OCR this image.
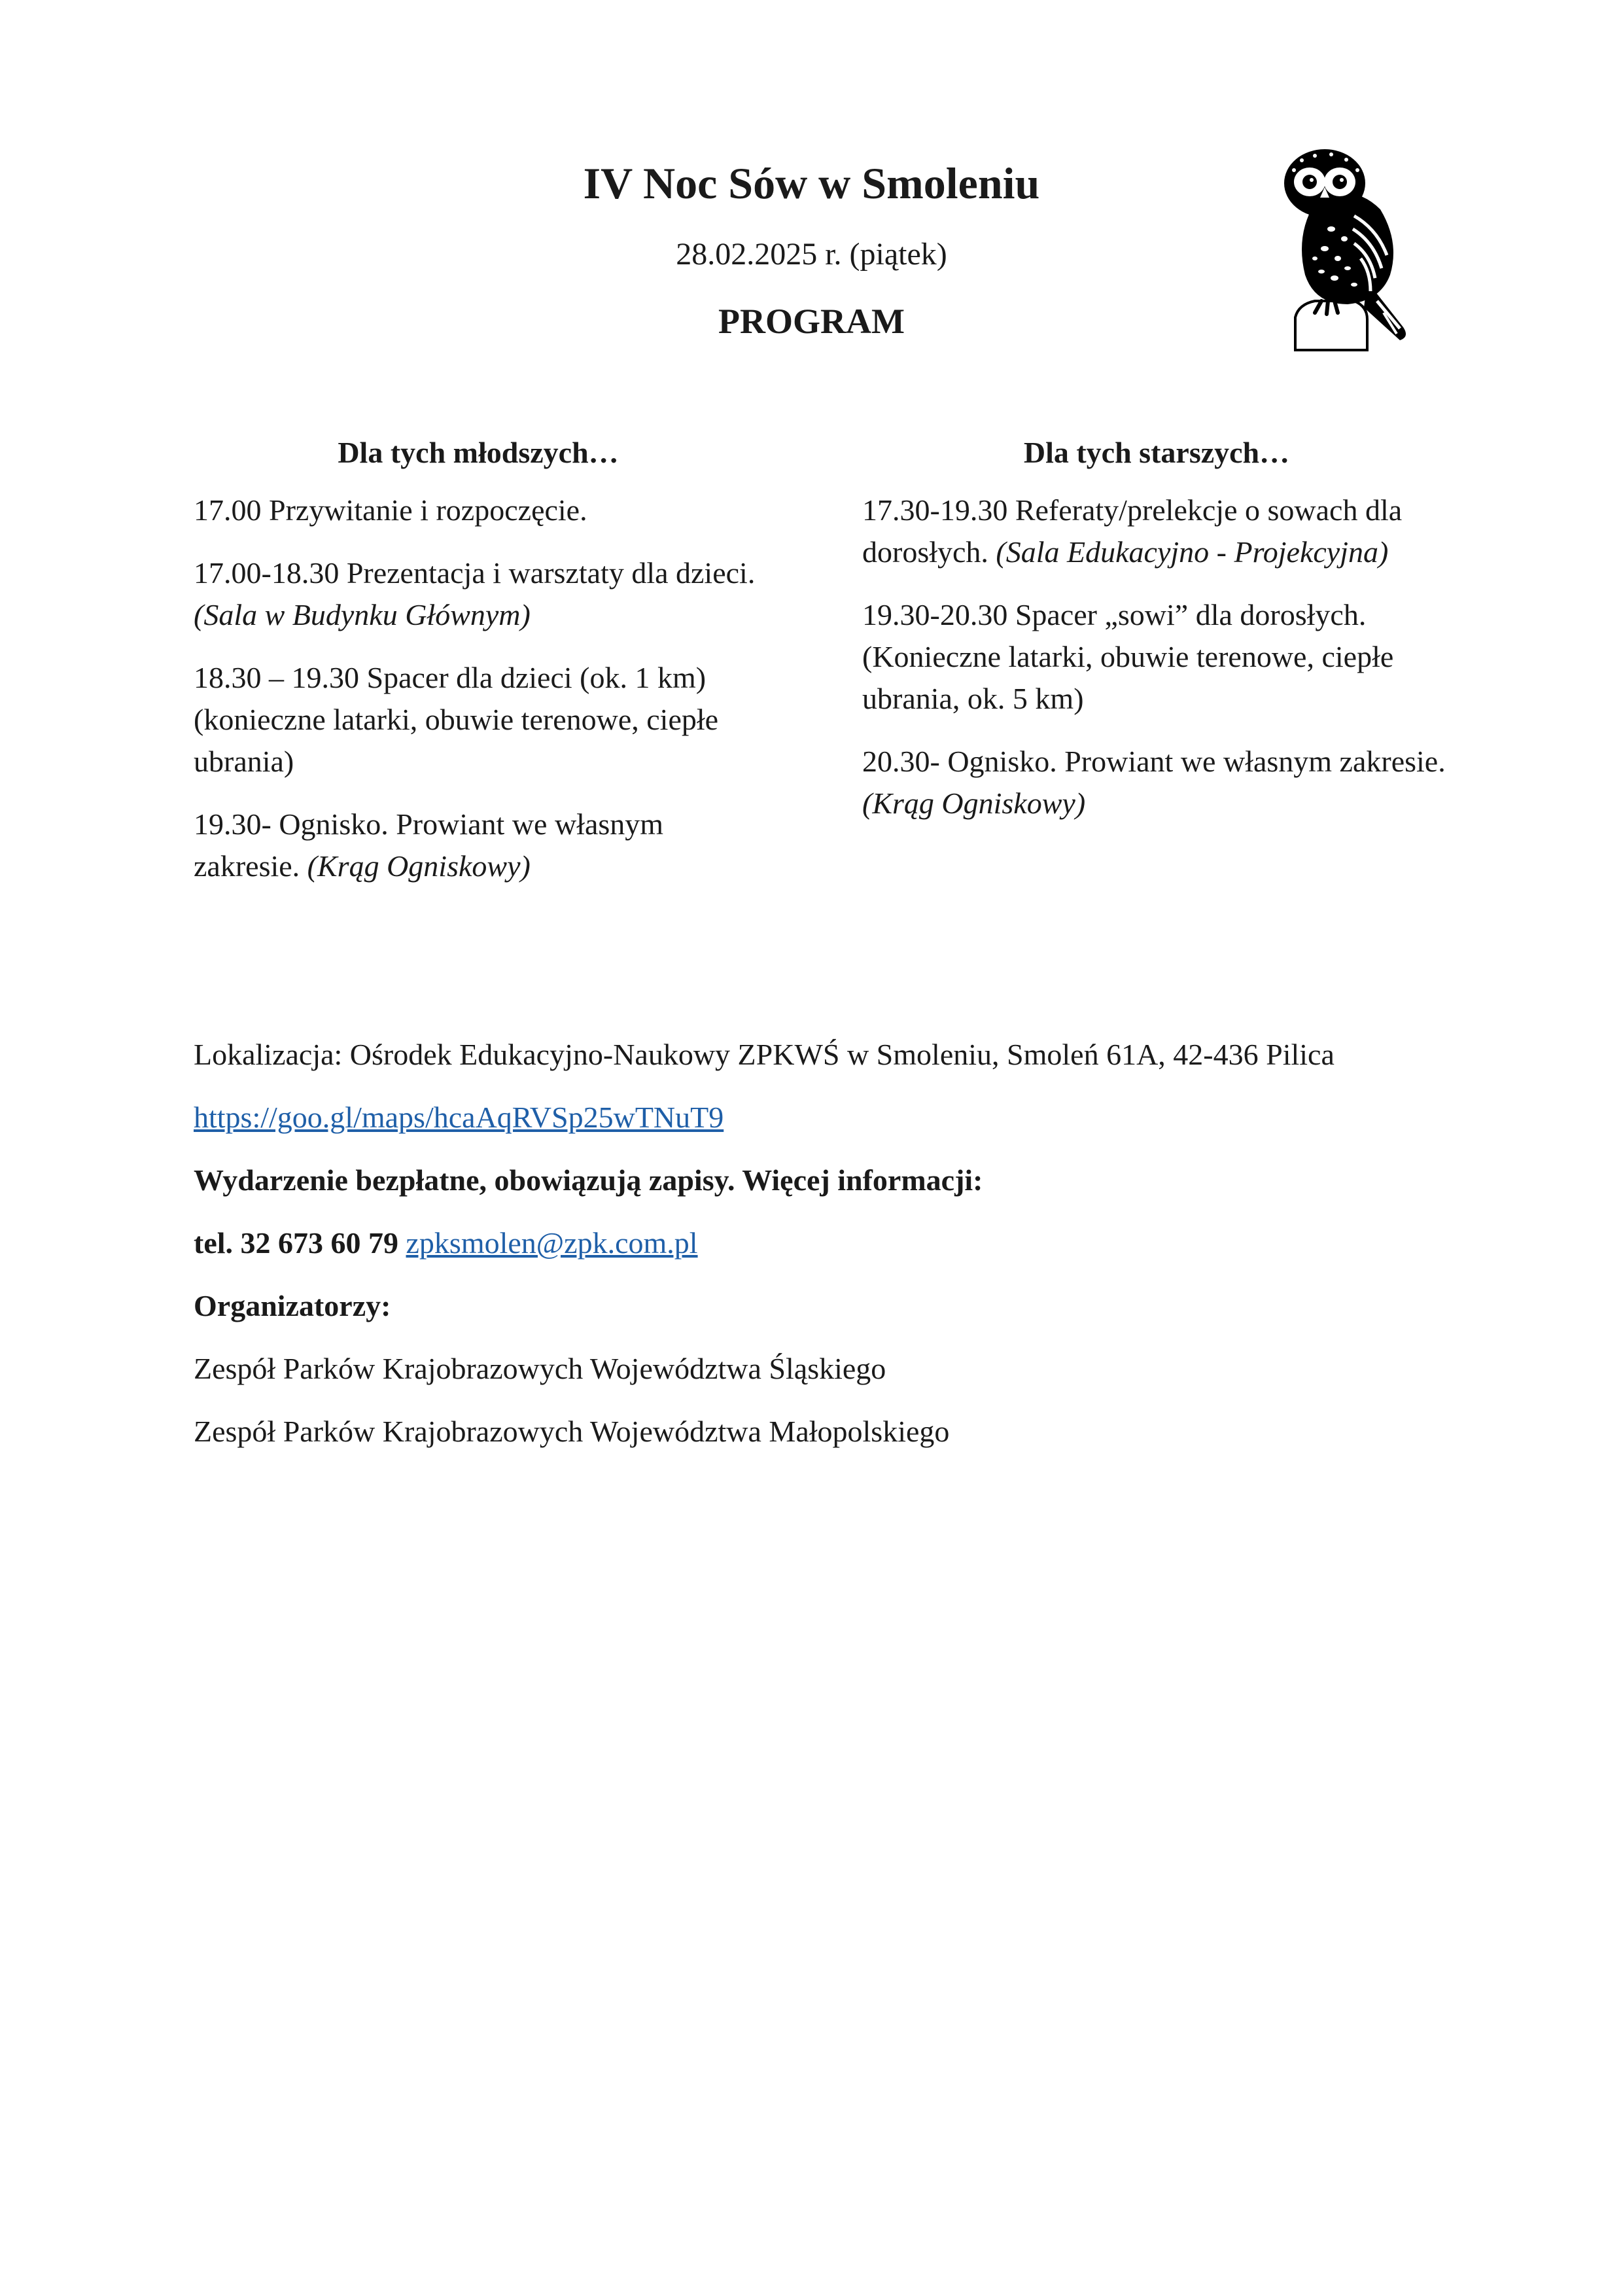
IV Noc Sów w Smoleniu
28.02.2025 r. (piątek)
PROGRAM
Dla tych młodszych…

17.00 Przywitanie i rozpoczęcie.

17.00-18.30 Prezentacja i warsztaty dla dzieci. (Sala w Budynku Głównym)

18.30 – 19.30 Spacer dla dzieci (ok. 1 km) (konieczne latarki, obuwie terenowe, ciepłe ubrania)

19.30- Ognisko. Prowiant we własnym zakresie. (Krąg Ogniskowy)

Dla tych starszych…

17.30-19.30 Referaty/prelekcje o sowach dla dorosłych. (Sala Edukacyjno - Projekcyjna)

19.30-20.30 Spacer „sowi” dla dorosłych. (Konieczne latarki, obuwie terenowe, ciepłe ubrania, ok. 5 km)

20.30- Ognisko. Prowiant we własnym zakresie. (Krąg Ogniskowy)

Lokalizacja: Ośrodek Edukacyjno-Naukowy ZPKWŚ w Smoleniu, Smoleń 61A, 42-436 Pilica

https://goo.gl/maps/hcaAqRVSp25wTNuT9

Wydarzenie bezpłatne, obowiązują zapisy. Więcej informacji:

tel. 32 673 60 79 zpksmolen@zpk.com.pl

Organizatorzy:

Zespół Parków Krajobrazowych Województwa Śląskiego

Zespół Parków Krajobrazowych Województwa Małopolskiego
